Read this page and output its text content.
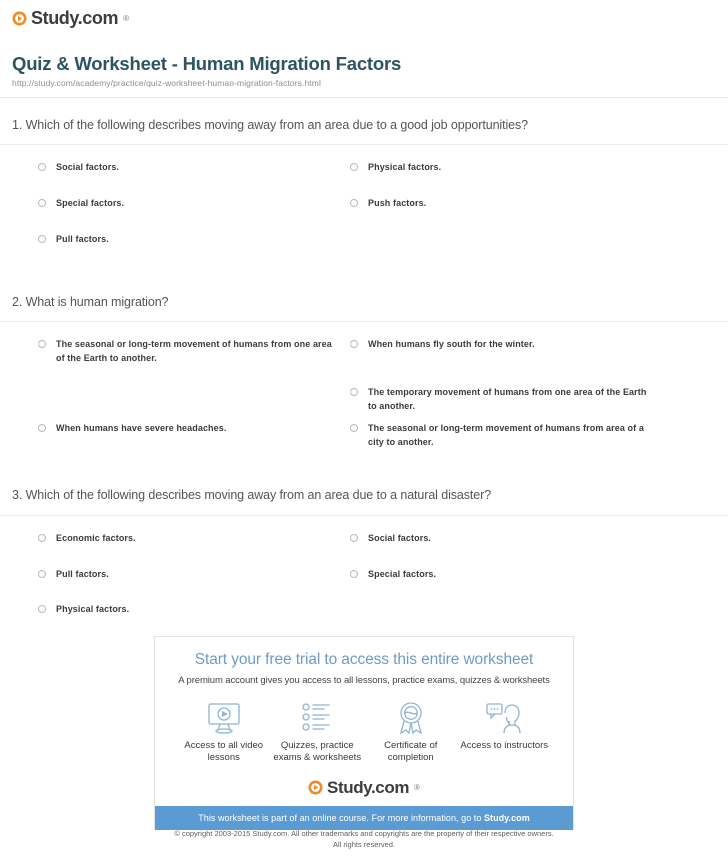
Study.com ®
Quiz & Worksheet - Human Migration Factors
http://study.com/academy/practice/quiz-worksheet-human-migration-factors.html
1. Which of the following describes moving away from an area due to a good job opportunities?
Social factors.
Special factors.
Pull factors.
Physical factors.
Push factors.
2. What is human migration?
The seasonal or long-term movement of humans from one area of the Earth to another.
When humans have severe headaches.
When humans fly south for the winter.
The temporary movement of humans from one area of the Earth to another.
The seasonal or long-term movement of humans from area of a city to another.
3. Which of the following describes moving away from an area due to a natural disaster?
Economic factors.
Pull factors.
Physical factors.
Social factors.
Special factors.
Start your free trial to access this entire worksheet
A premium account gives you access to all lessons, practice exams, quizzes & worksheets
Access to all video lessons
Quizzes, practice exams & worksheets
Certificate of completion
Access to instructors
Study.com ®
This worksheet is part of an online course. For more information, go to Study.com
© copyright 2003-2015 Study.com. All other trademarks and copyrights are the property of their respective owners.
All rights reserved.
